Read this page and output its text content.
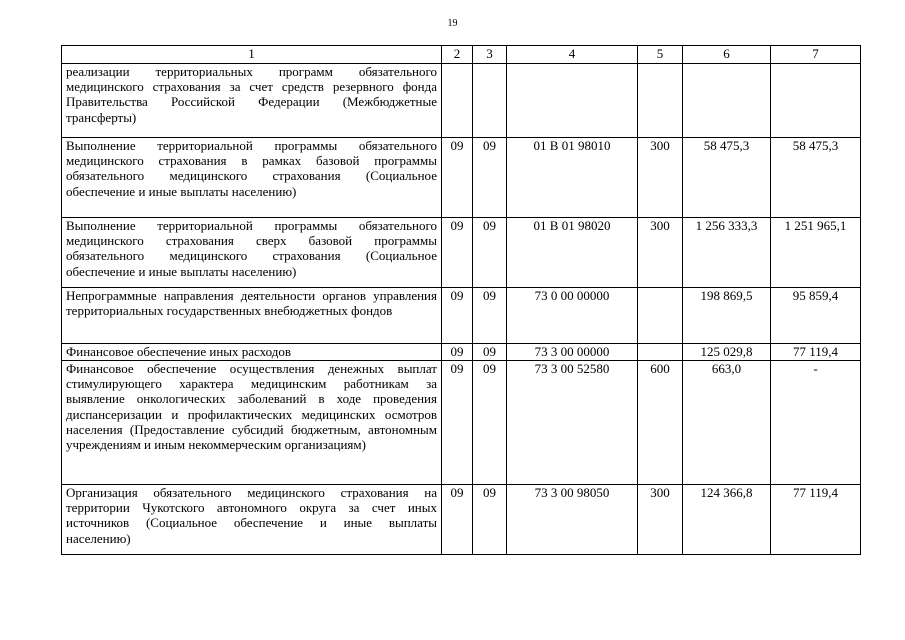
19
1	2	3	4	5	6	7
реализации территориальных программ обязательного медицинского страхования за счет средств резервного фонда Правительства Российской Федерации (Межбюджетные трансферты)						
Выполнение территориальной программы обязательного медицинского страхования в рамках базовой программы обязательного медицинского страхования (Социальное обеспечение и иные выплаты населению)	09	09	01 В 01 98010	300	58 475,3	58 475,3
Выполнение территориальной программы обязательного медицинского страхования сверх базовой программы обязательного медицинского страхования (Социальное обеспечение и иные выплаты населению)	09	09	01 В 01 98020	300	1 256 333,3	1 251 965,1
Непрограммные направления деятельности органов управления территориальных государственных внебюджетных фондов	09	09	73 0 00 00000		198 869,5	95 859,4
Финансовое обеспечение иных расходов	09	09	73 3 00 00000		125 029,8	77 119,4
Финансовое обеспечение осуществления денежных выплат стимулирующего характера медицинским работникам за выявление онкологических заболеваний в ходе проведения диспансеризации и профилактических медицинских осмотров населения (Предоставление субсидий бюджетным, автономным учреждениям и иным некоммерческим организациям)	09	09	73 3 00 52580	600	663,0	-
Организация обязательного медицинского страхования на территории Чукотского автономного округа за счет иных источников (Социальное обеспечение и иные выплаты населению)	09	09	73 3 00 98050	300	124 366,8	77 119,4
